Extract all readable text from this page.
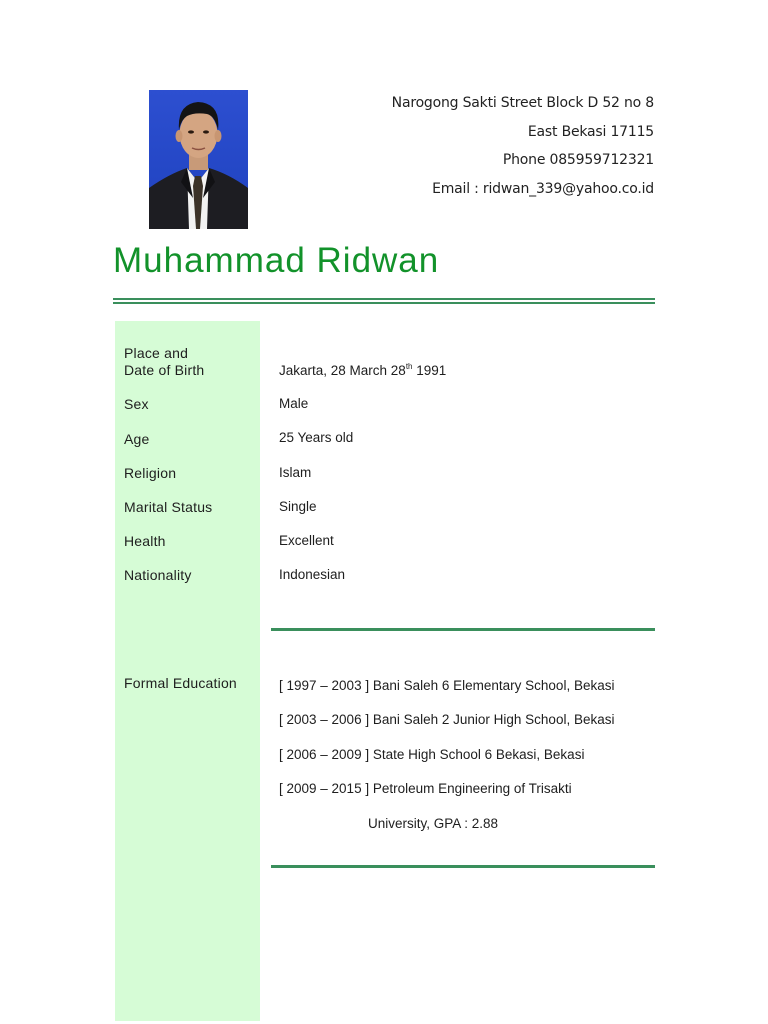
Narogong Sakti Street Block D 52 no 8
East Bekasi 17115
Phone 085959712321
Email : ridwan_339@yahoo.co.id
Muhammad Ridwan
Place and
Date of Birth	Jakarta, 28 March 28th 1991
Sex	Male
Age	25 Years old
Religion	Islam
Marital Status	Single
Health	Excellent
Nationality	Indonesian
Formal Education	[ 1997 – 2003 ] Bani Saleh 6 Elementary School, Bekasi
[ 2003 – 2006 ] Bani Saleh 2 Junior High School, Bekasi
[ 2006 – 2009 ] State High School 6 Bekasi, Bekasi
[ 2009 – 2015 ] Petroleum Engineering of Trisakti
University, GPA : 2.88
